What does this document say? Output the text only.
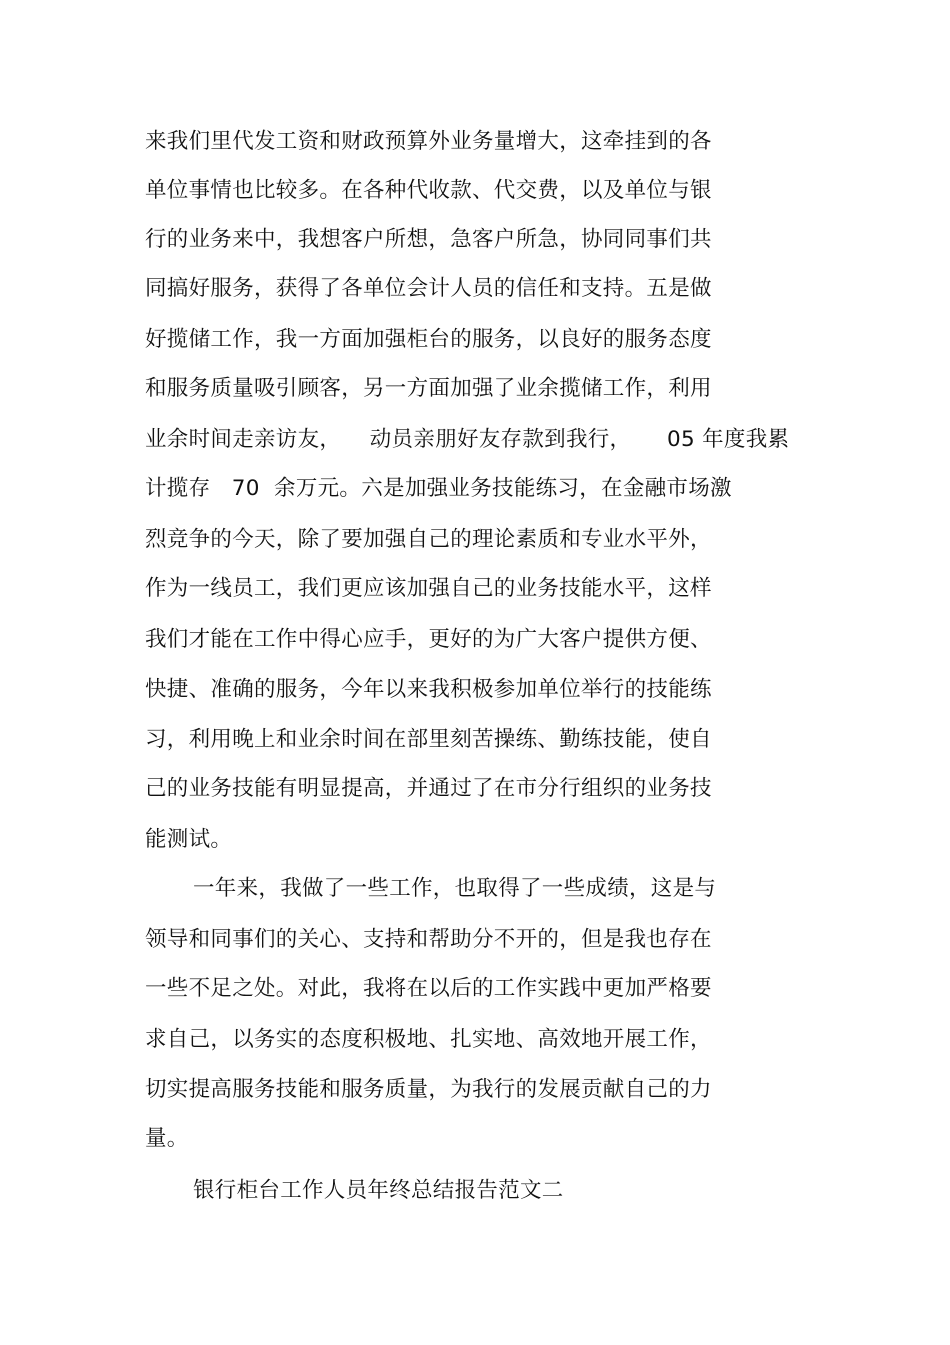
来我们里代发工资和财政预算外业务量增大，这牵挂到的各
单位事情也比较多。在各种代收款、代交费，以及单位与银
行的业务来中，我想客户所想，急客户所急，协同同事们共
同搞好服务，获得了各单位会计人员的信任和支持。五是做
好揽储工作，我一方面加强柜台的服务，以良好的服务态度
和服务质量吸引顾客，另一方面加强了业余揽储工作，利用
业余时间走亲访友，    动员亲朋好友存款到我行，     05 年度我累
计揽存   70  余万元。六是加强业务技能练习，在金融市场激
烈竞争的今天，除了要加强自己的理论素质和专业水平外，
作为一线员工，我们更应该加强自己的业务技能水平，这样
我们才能在工作中得心应手，更好的为广大客户提供方便、
快捷、准确的服务，今年以来我积极参加单位举行的技能练
习，利用晚上和业余时间在部里刻苦操练、勤练技能，使自
己的业务技能有明显提高，并通过了在市分行组织的业务技
能测试。
一年来，我做了一些工作，也取得了一些成绩，这是与
领导和同事们的关心、支持和帮助分不开的，但是我也存在
一些不足之处。对此，我将在以后的工作实践中更加严格要
求自己，以务实的态度积极地、扎实地、高效地开展工作，
切实提高服务技能和服务质量，为我行的发展贡献自己的力
量。
银行柜台工作人员年终总结报告范文二
